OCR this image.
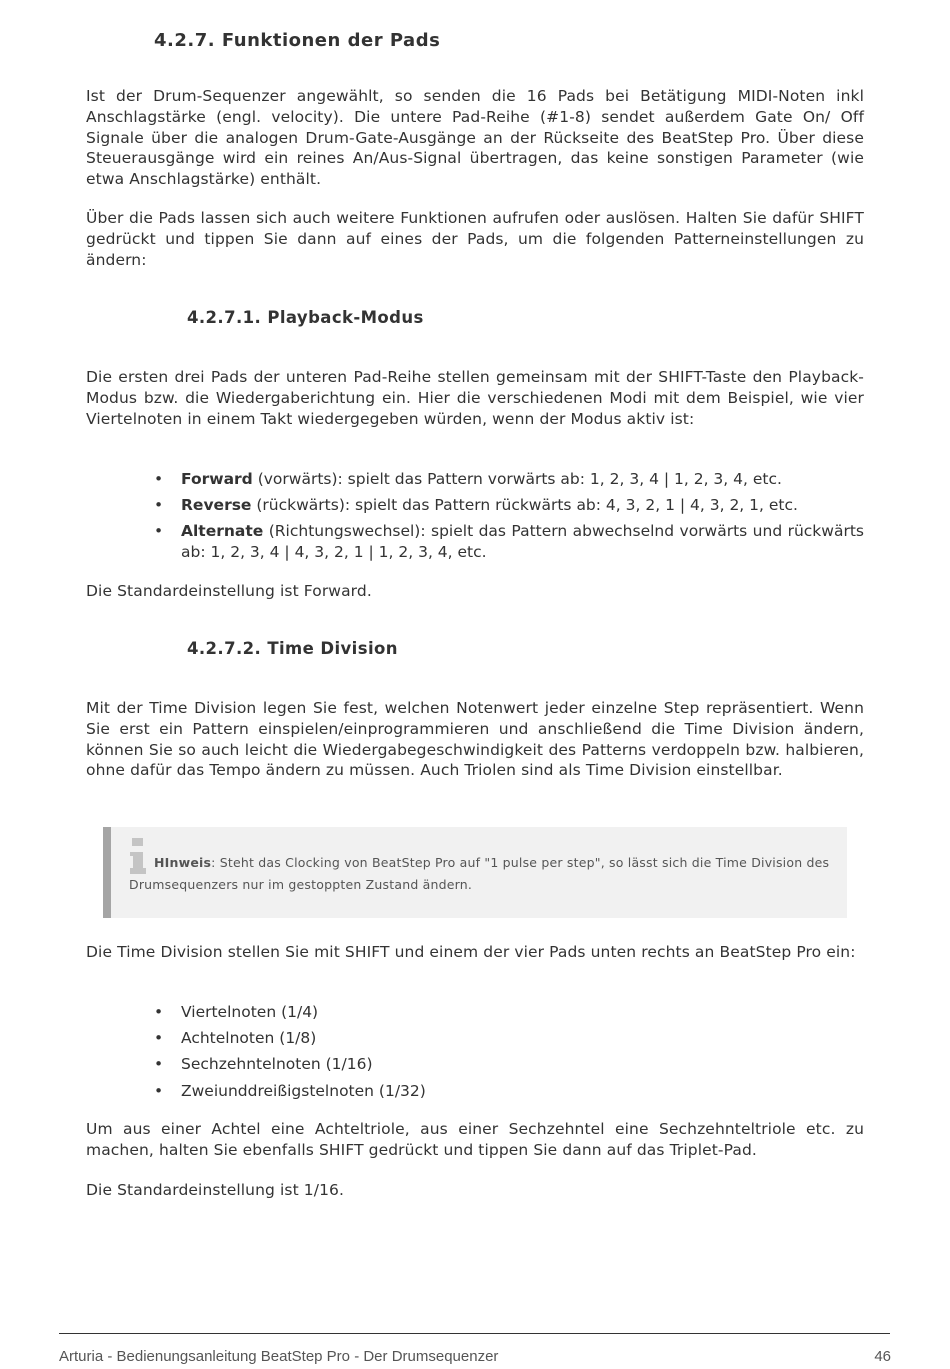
4.2.7. Funktionen der Pads

Ist der Drum-Sequenzer angewählt, so senden die 16 Pads bei Betätigung MIDI-Noten inkl Anschlagstärke (engl. velocity). Die untere Pad-Reihe (#1-8) sendet außerdem Gate On/ Off Signale über die analogen Drum-Gate-Ausgänge an der Rückseite des BeatStep Pro. Über diese Steuerausgänge wird ein reines An/Aus-Signal übertragen, das keine sonstigen Parameter (wie etwa Anschlagstärke) enthält.

Über die Pads lassen sich auch weitere Funktionen aufrufen oder auslösen. Halten Sie dafür SHIFT gedrückt und tippen Sie dann auf eines der Pads, um die folgenden Patterneinstellungen zu ändern:

4.2.7.1. Playback-Modus

Die ersten drei Pads der unteren Pad-Reihe stellen gemeinsam mit der SHIFT-Taste den Playback-Modus bzw. die Wiedergaberichtung ein. Hier die verschiedenen Modi mit dem Beispiel, wie vier Viertelnoten in einem Takt wiedergegeben würden, wenn der Modus aktiv ist:

• Forward (vorwärts): spielt das Pattern vorwärts ab: 1, 2, 3, 4 | 1, 2, 3, 4, etc.
• Reverse (rückwärts): spielt das Pattern rückwärts ab: 4, 3, 2, 1 | 4, 3, 2, 1, etc.
• Alternate (Richtungswechsel): spielt das Pattern abwechselnd vorwärts und rückwärts ab: 1, 2, 3, 4 | 4, 3, 2, 1 | 1, 2, 3, 4, etc.

Die Standardeinstellung ist Forward.

4.2.7.2. Time Division

Mit der Time Division legen Sie fest, welchen Notenwert jeder einzelne Step repräsentiert. Wenn Sie erst ein Pattern einspielen/einprogrammieren und anschließend die Time Division ändern, können Sie so auch leicht die Wiedergabegeschwindigkeit des Patterns verdoppeln bzw. halbieren, ohne dafür das Tempo ändern zu müssen. Auch Triolen sind als Time Division einstellbar.

HInweis: Steht das Clocking von BeatStep Pro auf "1 pulse per step", so lässt sich die Time Division des Drumsequenzers nur im gestoppten Zustand ändern.

Die Time Division stellen Sie mit SHIFT und einem der vier Pads unten rechts an BeatStep Pro ein:

• Viertelnoten (1/4)
• Achtelnoten (1/8)
• Sechzehntelnoten (1/16)
• Zweiunddreißigstelnoten (1/32)

Um aus einer Achtel eine Achteltriole, aus einer Sechzehntel eine Sechzehnteltriole etc. zu machen, halten Sie ebenfalls SHIFT gedrückt und tippen Sie dann auf das Triplet-Pad.

Die Standardeinstellung ist 1/16.

Arturia - Bedienungsanleitung BeatStep Pro - Der Drumsequenzer	46
